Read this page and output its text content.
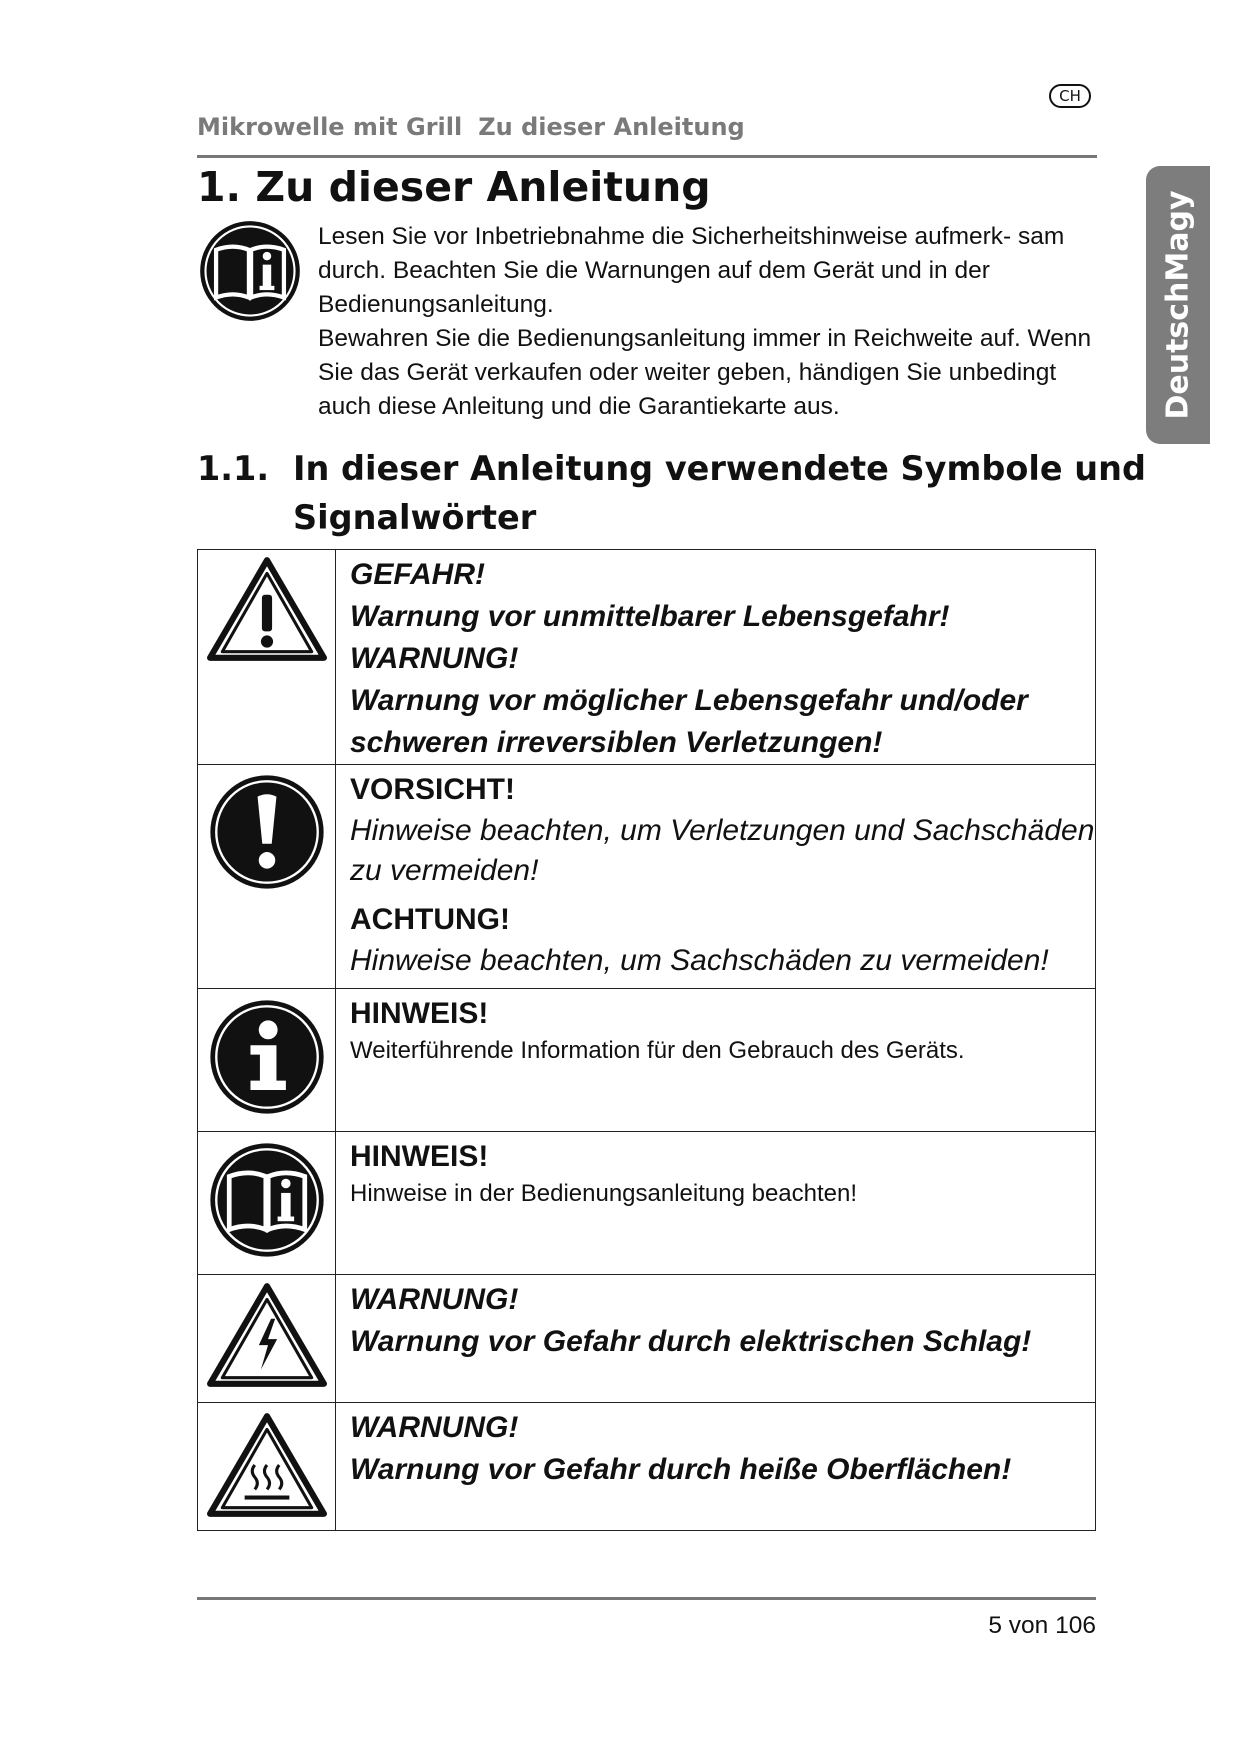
CH
Mikrowelle mit Grill Zu dieser Anleitung
DeutschMagy
1. Zu dieser Anleitung

Lesen Sie vor Inbetriebnahme die Sicherheitshinweise aufmerk- sam durch. Beachten Sie die Warnungen auf dem Gerät und in der Bedienungsanleitung.

Bewahren Sie die Bedienungsanleitung immer in Reichweite auf. Wenn Sie das Gerät verkaufen oder weiter geben, händigen Sie unbedingt auch diese Anleitung und die Garantiekarte aus.

1.1. In dieser Anleitung verwendete Symbole und
Signalwörter

GEFAHR!
Warnung vor unmittelbarer Lebensgefahr!
WARNUNG!
Warnung vor möglicher Lebensgefahr und/oder schweren irreversiblen Verletzungen!

VORSICHT!
Hinweise beachten, um Verletzungen und Sachschäden zu vermeiden!
ACHTUNG!
Hinweise beachten, um Sachschäden zu vermeiden!

HINWEIS!
Weiterführende Information für den Gebrauch des Geräts.

HINWEIS!
Hinweise in der Bedienungsanleitung beachten!

WARNUNG!
Warnung vor Gefahr durch elektrischen Schlag!

WARNUNG!
Warnung vor Gefahr durch heiße Oberflächen!
5 von 106
